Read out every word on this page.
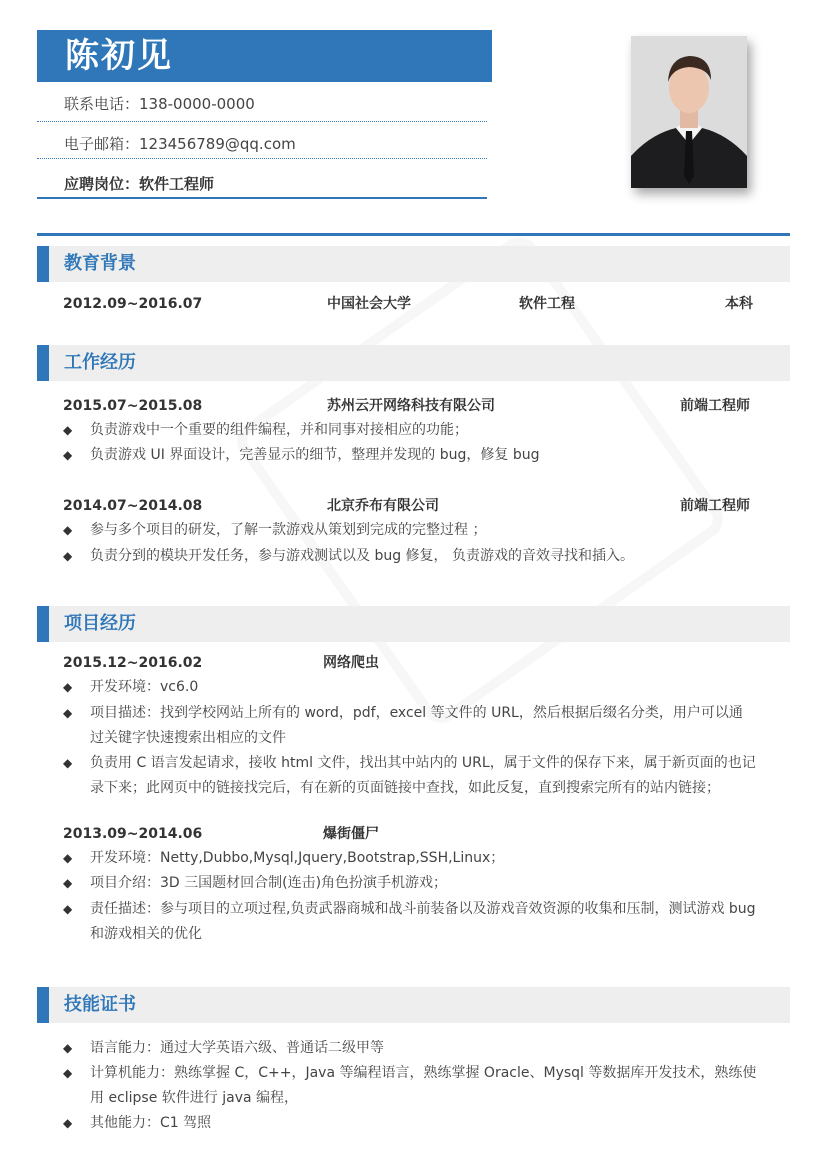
陈初见
联系电话：138-0000-0000
电子邮箱：123456789@qq.com
应聘岗位：软件工程师
教育背景
2012.09~2016.07	中国社会大学	软件工程	本科
工作经历
2015.07~2015.08	苏州云开网络科技有限公司	前端工程师
◆ 负责游戏中一个重要的组件编程，并和同事对接相应的功能；
◆ 负责游戏 UI 界面设计，完善显示的细节，整理并发现的 bug，修复 bug
2014.07~2014.08	北京乔布有限公司	前端工程师
◆ 参与多个项目的研发，了解一款游戏从策划到完成的完整过程 ；
◆ 负责分到的模块开发任务，参与游戏测试以及 bug 修复， 负责游戏的音效寻找和插入。
项目经历
2015.12~2016.02	网络爬虫
◆ 开发环境：vc6.0
◆ 项目描述：找到学校网站上所有的 word，pdf，excel 等文件的 URL，然后根据后缀名分类，用户可以通
过关键字快速搜索出相应的文件
◆ 负责用 C 语言发起请求，接收 html 文件，找出其中站内的 URL，属于文件的保存下来，属于新页面的也记
录下来；此网页中的链接找完后，有在新的页面链接中查找，如此反复，直到搜索完所有的站内链接；
2013.09~2014.06	爆街僵尸
◆ 开发环境：Netty,Dubbo,Mysql,Jquery,Bootstrap,SSH,Linux；
◆ 项目介绍：3D 三国题材回合制(连击)角色扮演手机游戏；
◆ 责任描述：参与项目的立项过程,负责武器商城和战斗前装备以及游戏音效资源的收集和压制，测试游戏 bug
和游戏相关的优化
技能证书
◆ 语言能力：通过大学英语六级、普通话二级甲等
◆ 计算机能力：熟练掌握 C，C++，Java 等编程语言，熟练掌握 Oracle、Mysql 等数据库开发技术，熟练使
用 eclipse 软件进行 java 编程，
◆ 其他能力：C1 驾照
